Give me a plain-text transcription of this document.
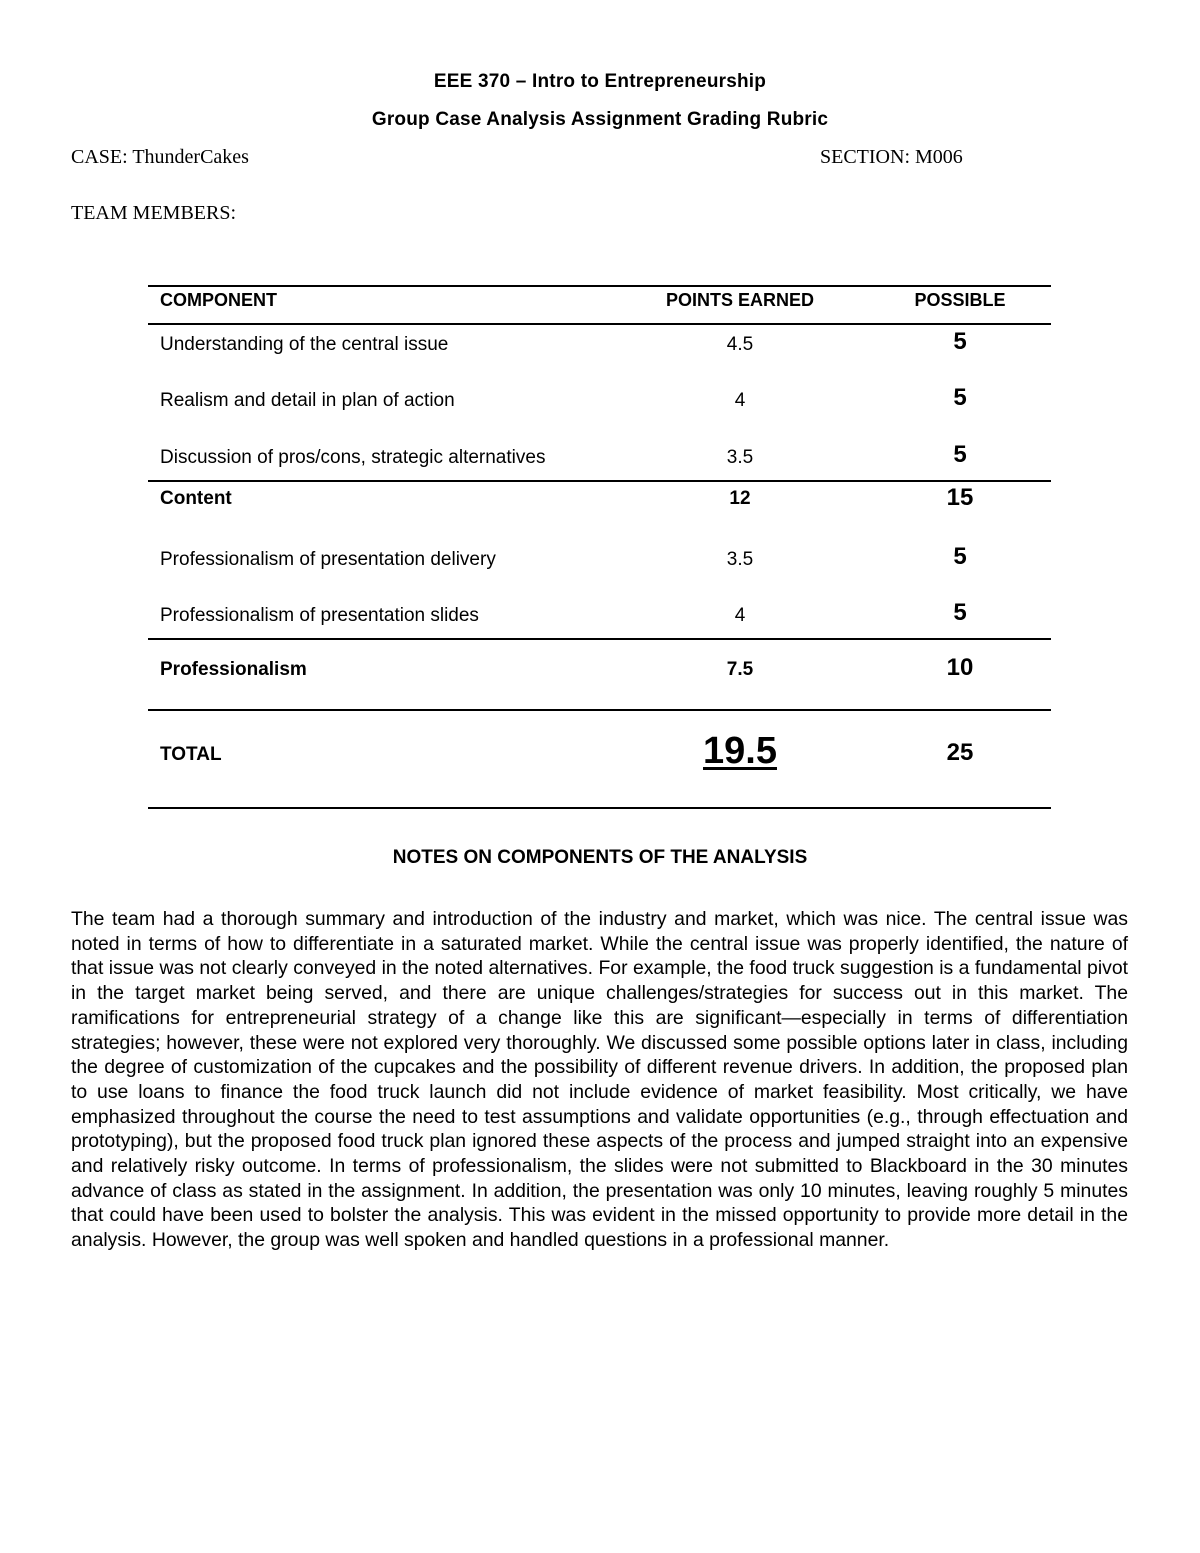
EEE 370 – Intro to Entrepreneurship
Group Case Analysis Assignment Grading Rubric
CASE: ThunderCakes	SECTION: M006
TEAM MEMBERS:
COMPONENT	POINTS EARNED	POSSIBLE
Understanding of the central issue	4.5	5
Realism and detail in plan of action	4	5
Discussion of pros/cons, strategic alternatives	3.5	5
Content	12	15
Professionalism of presentation delivery	3.5	5
Professionalism of presentation slides	4	5
Professionalism	7.5	10
TOTAL	19.5	25
NOTES ON COMPONENTS OF THE ANALYSIS

The team had a thorough summary and introduction of the industry and market, which was nice. The central issue was noted in terms of how to differentiate in a saturated market. While the central issue was properly identified, the nature of that issue was not clearly conveyed in the noted alternatives. For example, the food truck suggestion is a fundamental pivot in the target market being served, and there are unique challenges/strategies for success out in this market. The ramifications for entrepreneurial strategy of a change like this are significant—especially in terms of differentiation strategies; however, these were not explored very thoroughly. We discussed some possible options later in class, including the degree of customization of the cupcakes and the possibility of different revenue drivers. In addition, the proposed plan to use loans to finance the food truck launch did not include evidence of market feasibility. Most critically, we have emphasized throughout the course the need to test assumptions and validate opportunities (e.g., through effectuation and prototyping), but the proposed food truck plan ignored these aspects of the process and jumped straight into an expensive and relatively risky outcome. In terms of professionalism, the slides were not submitted to Blackboard in the 30 minutes advance of class as stated in the assignment. In addition, the presentation was only 10 minutes, leaving roughly 5 minutes that could have been used to bolster the analysis. This was evident in the missed opportunity to provide more detail in the analysis. However, the group was well spoken and handled questions in a professional manner.
